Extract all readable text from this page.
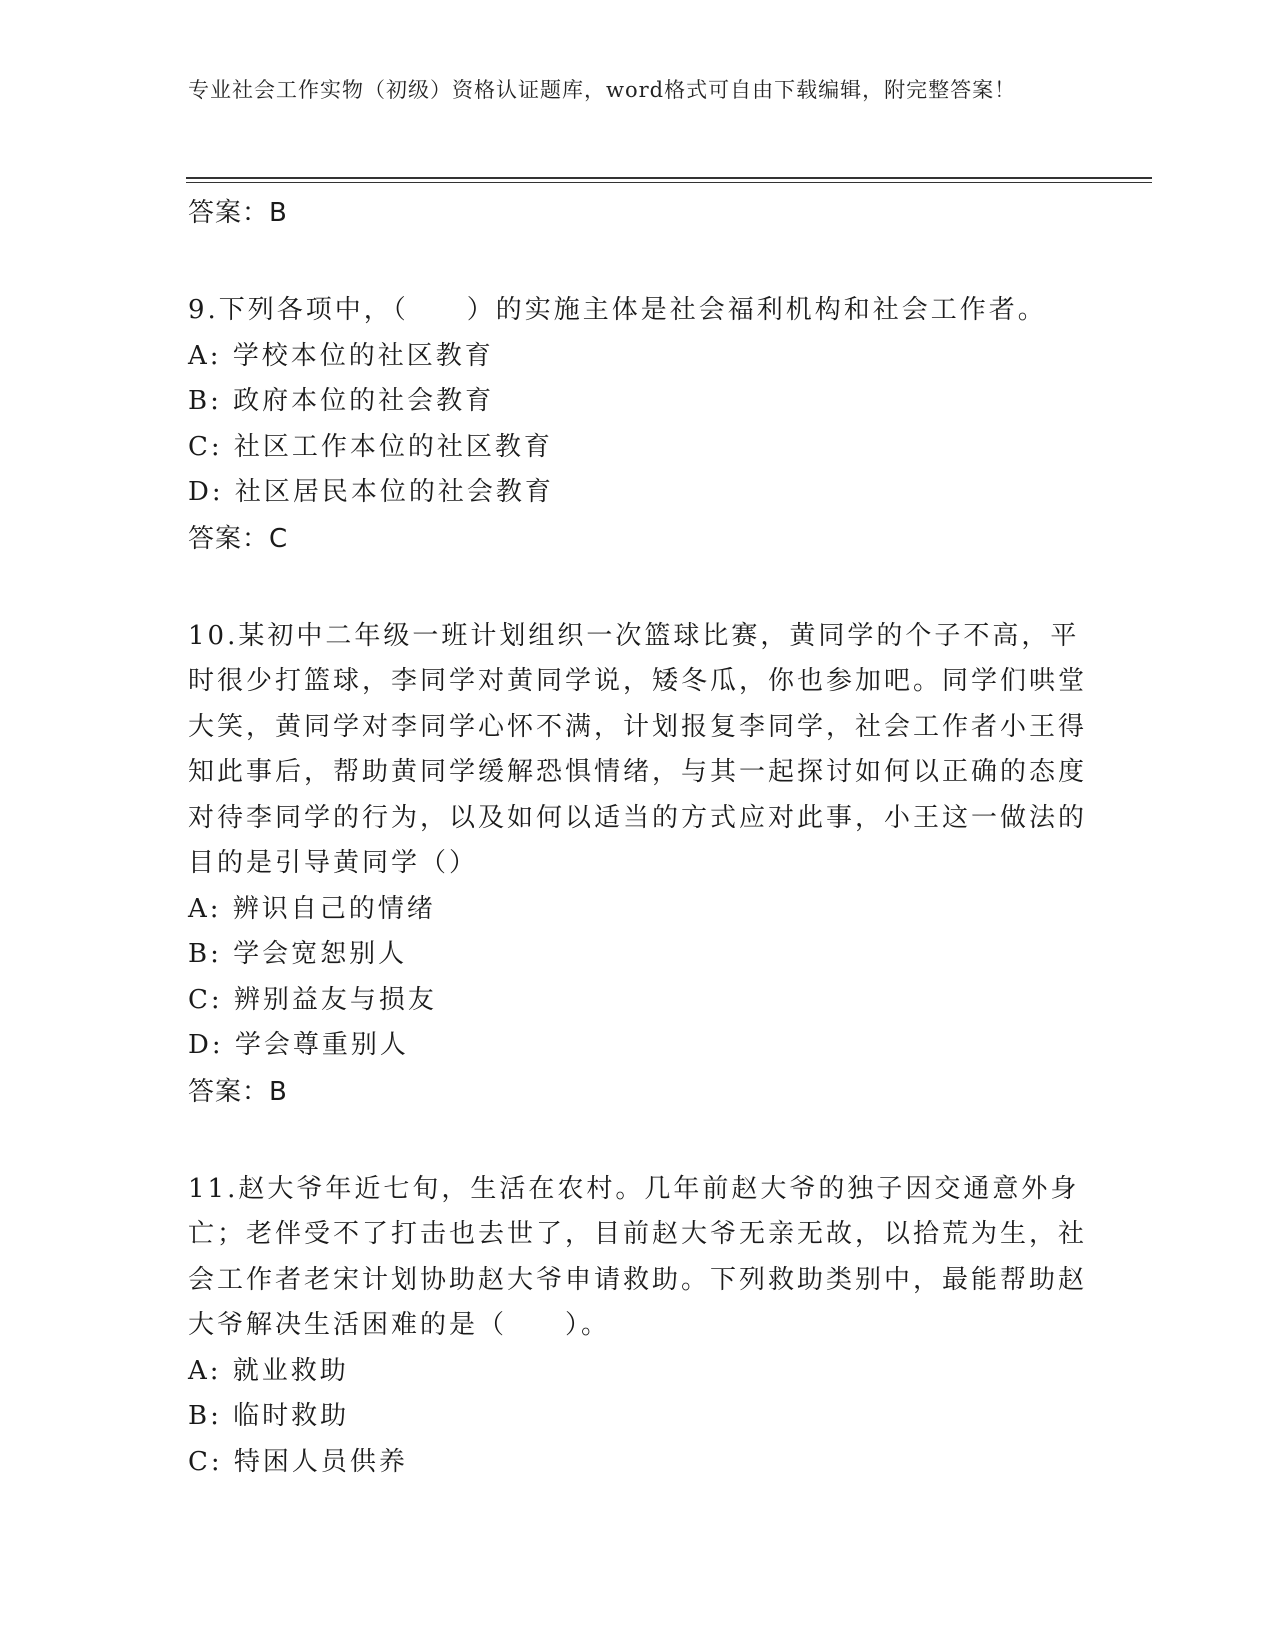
专业社会工作实物（初级）资格认证题库，word格式可自由下载编辑，附完整答案！
答案：B
9.下列各项中，（　　）的实施主体是社会福利机构和社会工作者。
A: 学校本位的社区教育
B: 政府本位的社会教育
C: 社区工作本位的社区教育
D: 社区居民本位的社会教育
答案：C
10.某初中二年级一班计划组织一次篮球比赛，黄同学的个子不高，平时很少打篮球，李同学对黄同学说，矮冬瓜，你也参加吧。同学们哄堂大笑，黄同学对李同学心怀不满，计划报复李同学，社会工作者小王得知此事后，帮助黄同学缓解恐惧情绪，与其一起探讨如何以正确的态度对待李同学的行为，以及如何以适当的方式应对此事，小王这一做法的目的是引导黄同学（）
A: 辨识自己的情绪
B: 学会宽恕别人
C: 辨别益友与损友
D: 学会尊重别人
答案：B
11.赵大爷年近七旬，生活在农村。几年前赵大爷的独子因交通意外身亡；老伴受不了打击也去世了，目前赵大爷无亲无故，以拾荒为生，社会工作者老宋计划协助赵大爷申请救助。下列救助类别中，最能帮助赵大爷解决生活困难的是（　　）。
A: 就业救助
B: 临时救助
C: 特困人员供养
